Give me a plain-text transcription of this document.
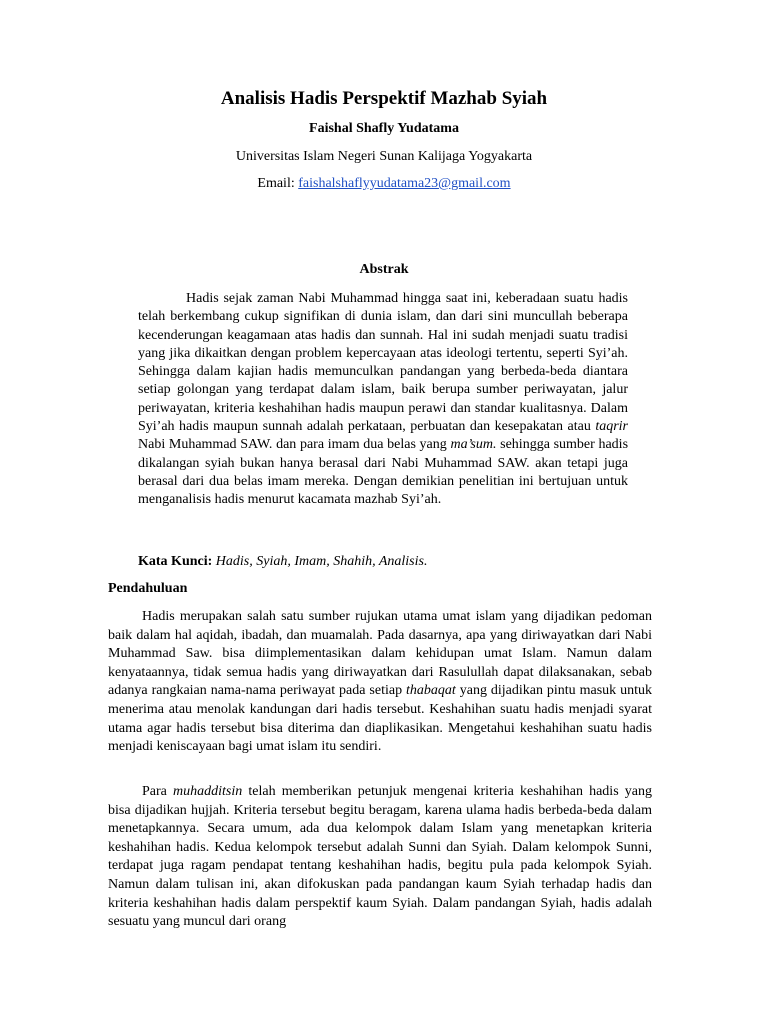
Analisis Hadis Perspektif Mazhab Syiah

Faishal Shafly Yudatama

Universitas Islam Negeri Sunan Kalijaga Yogyakarta

Email: faishalshaflyyudatama23@gmail.com

Abstrak

Hadis sejak zaman Nabi Muhammad hingga saat ini, keberadaan suatu hadis telah berkembang cukup signifikan di dunia islam, dan dari sini muncullah beberapa kecenderungan keagamaan atas hadis dan sunnah. Hal ini sudah menjadi suatu tradisi yang jika dikaitkan dengan problem kepercayaan atas ideologi tertentu, seperti Syi’ah. Sehingga dalam kajian hadis memunculkan pandangan yang berbeda-beda diantara setiap golongan yang terdapat dalam islam, baik berupa sumber periwayatan, jalur periwayatan, kriteria keshahihan hadis maupun perawi dan standar kualitasnya. Dalam Syi’ah hadis maupun sunnah adalah perkataan, perbuatan dan kesepakatan atau taqrir Nabi Muhammad SAW. dan para imam dua belas yang ma’sum. sehingga sumber hadis dikalangan syiah bukan hanya berasal dari Nabi Muhammad SAW. akan tetapi juga berasal dari dua belas imam mereka. Dengan demikian penelitian ini bertujuan untuk menganalisis hadis menurut kacamata mazhab Syi’ah.

Kata Kunci: Hadis, Syiah, Imam, Shahih, Analisis.

Pendahuluan

Hadis merupakan salah satu sumber rujukan utama umat islam yang dijadikan pedoman baik dalam hal aqidah, ibadah, dan muamalah. Pada dasarnya, apa yang diriwayatkan dari Nabi Muhammad Saw. bisa diimplementasikan dalam kehidupan umat Islam. Namun dalam kenyataannya, tidak semua hadis yang diriwayatkan dari Rasulullah dapat dilaksanakan, sebab adanya rangkaian nama-nama periwayat pada setiap thabaqat yang dijadikan pintu masuk untuk menerima atau menolak kandungan dari hadis tersebut. Keshahihan suatu hadis menjadi syarat utama agar hadis tersebut bisa diterima dan diaplikasikan. Mengetahui keshahihan suatu hadis menjadi keniscayaan bagi umat islam itu sendiri.

Para muhadditsin telah memberikan petunjuk mengenai kriteria keshahihan hadis yang bisa dijadikan hujjah. Kriteria tersebut begitu beragam, karena ulama hadis berbeda-beda dalam menetapkannya. Secara umum, ada dua kelompok dalam Islam yang menetapkan kriteria keshahihan hadis. Kedua kelompok tersebut adalah Sunni dan Syiah. Dalam kelompok Sunni, terdapat juga ragam pendapat tentang keshahihan hadis, begitu pula pada kelompok Syiah. Namun dalam tulisan ini, akan difokuskan pada pandangan kaum Syiah terhadap hadis dan kriteria keshahihan hadis dalam perspektif kaum Syiah. Dalam pandangan Syiah, hadis adalah sesuatu yang muncul dari orang
